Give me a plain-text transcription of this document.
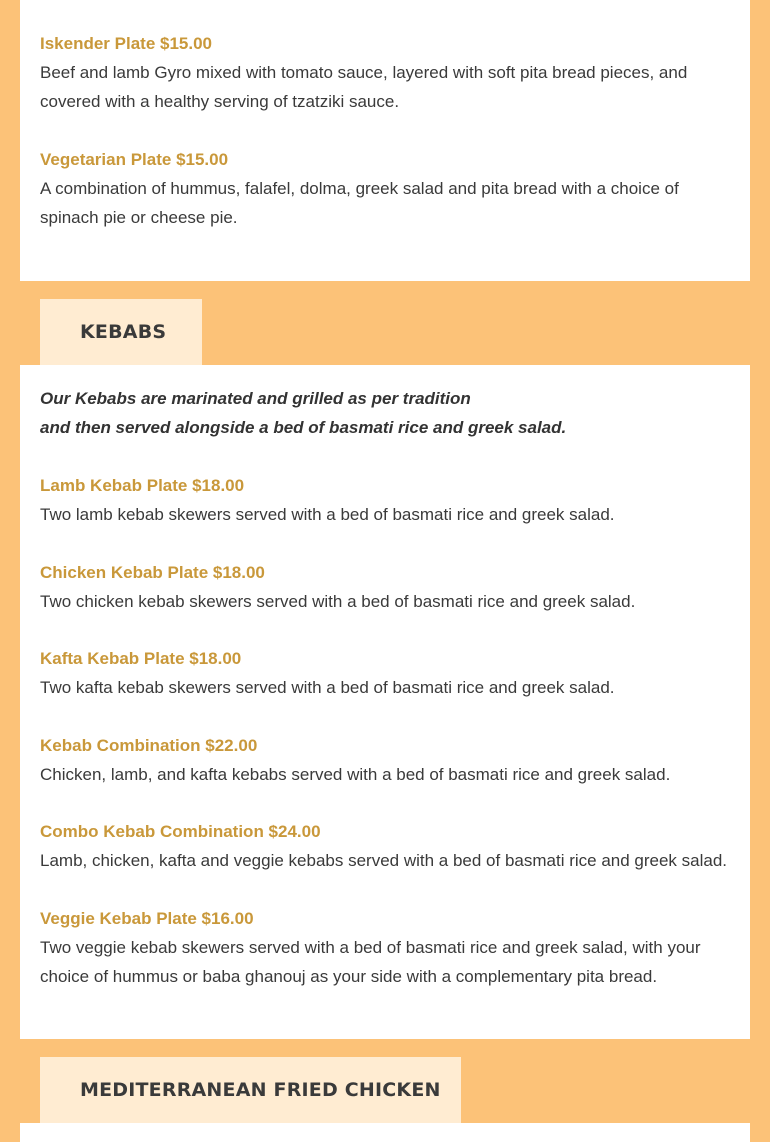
Iskender Plate $15.00
Beef and lamb Gyro mixed with tomato sauce, layered with soft pita bread pieces, and covered with a healthy serving of tzatziki sauce.
Vegetarian Plate $15.00
A combination of hummus, falafel, dolma, greek salad and pita bread with a choice of spinach pie or cheese pie.
KEBABS
Our Kebabs are marinated and grilled as per tradition
and then served alongside a bed of basmati rice and greek salad.
Lamb Kebab Plate $18.00
Two lamb kebab skewers served with a bed of basmati rice and greek salad.
Chicken Kebab Plate $18.00
Two chicken kebab skewers served with a bed of basmati rice and greek salad.
Kafta Kebab Plate $18.00
Two kafta kebab skewers served with a bed of basmati rice and greek salad.
Kebab Combination $22.00
Chicken, lamb, and kafta kebabs served with a bed of basmati rice and greek salad.
Combo Kebab Combination $24.00
Lamb, chicken, kafta and veggie kebabs served with a bed of basmati rice and greek salad.
Veggie Kebab Plate $16.00
Two veggie kebab skewers served with a bed of basmati rice and greek salad, with your choice of hummus or baba ghanouj as your side with a complementary pita bread.
MEDITERRANEAN FRIED CHICKEN
